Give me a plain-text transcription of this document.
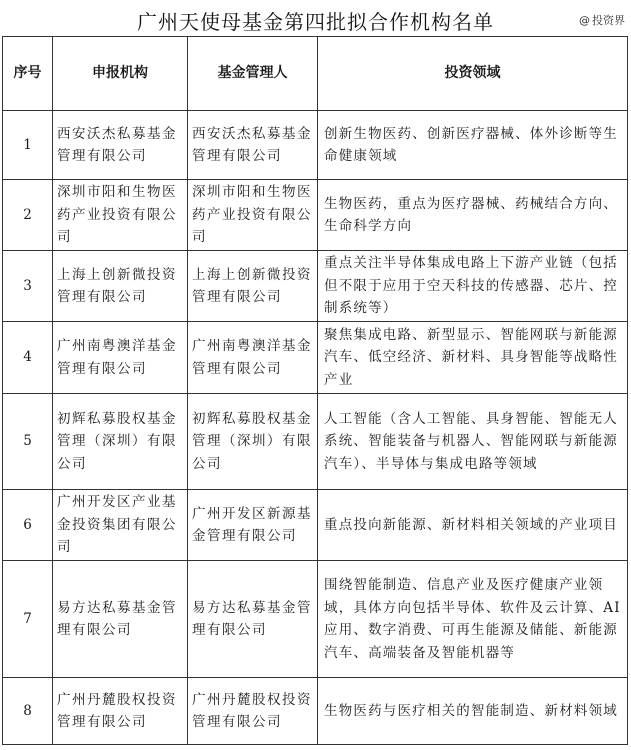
广州天使母基金第四批拟合作机构名单	@ 投资界
序号	申报机构	基金管理人	投资领域
1	西安沃杰私募基金管理有限公司	西安沃杰私募基金管理有限公司	创新生物医药、创新医疗器械、体外诊断等生命健康领域
2	深圳市阳和生物医药产业投资有限公司	深圳市阳和生物医药产业投资有限公司	生物医药，重点为医疗器械、药械结合方向、生命科学方向
3	上海上创新微投资管理有限公司	上海上创新微投资管理有限公司	重点关注半导体集成电路上下游产业链（包括但不限于应用于空天科技的传感器、芯片、控制系统等）
4	广州南粤澳洋基金管理有限公司	广州南粤澳洋基金管理有限公司	聚焦集成电路、新型显示、智能网联与新能源汽车、低空经济、新材料、具身智能等战略性产业
5	初辉私募股权基金管理（深圳）有限公司	初辉私募股权基金管理（深圳）有限公司	人工智能（含人工智能、具身智能、智能无人系统、智能装备与机器人、智能网联与新能源汽车）、半导体与集成电路等领域
6	广州开发区产业基金投资集团有限公司	广州开发区新源基金管理有限公司	重点投向新能源、新材料相关领域的产业项目
7	易方达私募基金管理有限公司	易方达私募基金管理有限公司	围绕智能制造、信息产业及医疗健康产业领域，具体方向包括半导体、软件及云计算、AI应用、数字消费、可再生能源及储能、新能源汽车、高端装备及智能机器等
8	广州丹麓股权投资管理有限公司	广州丹麓股权投资管理有限公司	生物医药与医疗相关的智能制造、新材料领域
